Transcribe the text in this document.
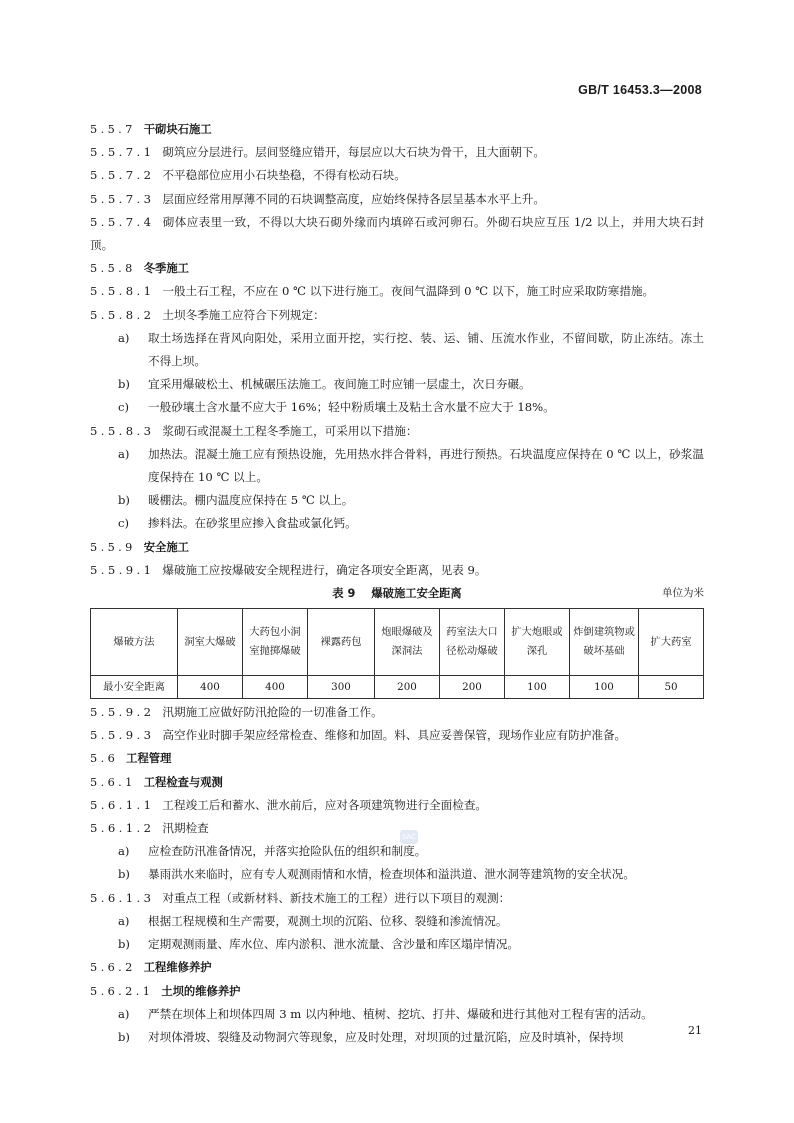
GB/T 16453.3—2008
SAC
5.5.7 干砌块石施工
5.5.7.1 砌筑应分层进行。层间竖缝应错开，每层应以大石块为骨干，且大面朝下。
5.5.7.2 不平稳部位应用小石块垫稳，不得有松动石块。
5.5.7.3 层面应经常用厚薄不同的石块调整高度，应始终保持各层呈基本水平上升。
5.5.7.4 砌体应表里一致，不得以大块石砌外缘而内填碎石或河卵石。外砌石块应互压 1/2 以上，并用大块石封顶。
5.5.8 冬季施工
5.5.8.1 一般土石工程，不应在 0 ℃ 以下进行施工。夜间气温降到 0 ℃ 以下，施工时应采取防寒措施。
5.5.8.2 土坝冬季施工应符合下列规定：
a)	取土场选择在背风向阳处，采用立面开挖，实行挖、装、运、铺、压流水作业，不留间歇，防止冻结。冻土不得上坝。
b)	宜采用爆破松土、机械碾压法施工。夜间施工时应铺一层虚土，次日夯碾。
c)	一般砂壤土含水量不应大于 16%；轻中粉质壤土及粘土含水量不应大于 18%。
5.5.8.3 浆砌石或混凝土工程冬季施工，可采用以下措施：
a)	加热法。混凝土施工应有预热设施，先用热水拌合骨料，再进行预热。石块温度应保持在 0 ℃ 以上，砂浆温度保持在 10 ℃ 以上。
b)	暖棚法。棚内温度应保持在 5 ℃ 以上。
c)	掺料法。在砂浆里应掺入食盐或氯化钙。
5.5.9 安全施工
5.5.9.1 爆破施工应按爆破安全规程进行，确定各项安全距离，见表 9。
表 9 爆破施工安全距离	单位为米
爆破方法	洞室大爆破	大药包小洞室抛掷爆破	裸露药包	炮眼爆破及深洞法	药室法大口径松动爆破	扩大炮眼或深孔	炸倒建筑物或破坏基础	扩大药室
最小安全距离	400	400	300	200	200	100	100	50
5.5.9.2 汛期施工应做好防汛抢险的一切准备工作。
5.5.9.3 高空作业时脚手架应经常检查、维修和加固。料、具应妥善保管，现场作业应有防护准备。
5.6 工程管理
5.6.1 工程检查与观测
5.6.1.1 工程竣工后和蓄水、泄水前后，应对各项建筑物进行全面检查。
5.6.1.2 汛期检查
a)	应检查防汛准备情况，并落实抢险队伍的组织和制度。
b)	暴雨洪水来临时，应有专人观测雨情和水情，检查坝体和溢洪道、泄水洞等建筑物的安全状况。
5.6.1.3 对重点工程（或新材料、新技术施工的工程）进行以下项目的观测：
a)	根据工程规模和生产需要，观测土坝的沉陷、位移、裂缝和渗流情况。
b)	定期观测雨量、库水位、库内淤积、泄水流量、含沙量和库区塌岸情况。
5.6.2 工程维修养护
5.6.2.1 土坝的维修养护
a)	严禁在坝体上和坝体四周 3 m 以内种地、植树、挖坑、打井、爆破和进行其他对工程有害的活动。
b)	对坝体滑坡、裂缝及动物洞穴等现象，应及时处理，对坝顶的过量沉陷，应及时填补，保持坝	21
